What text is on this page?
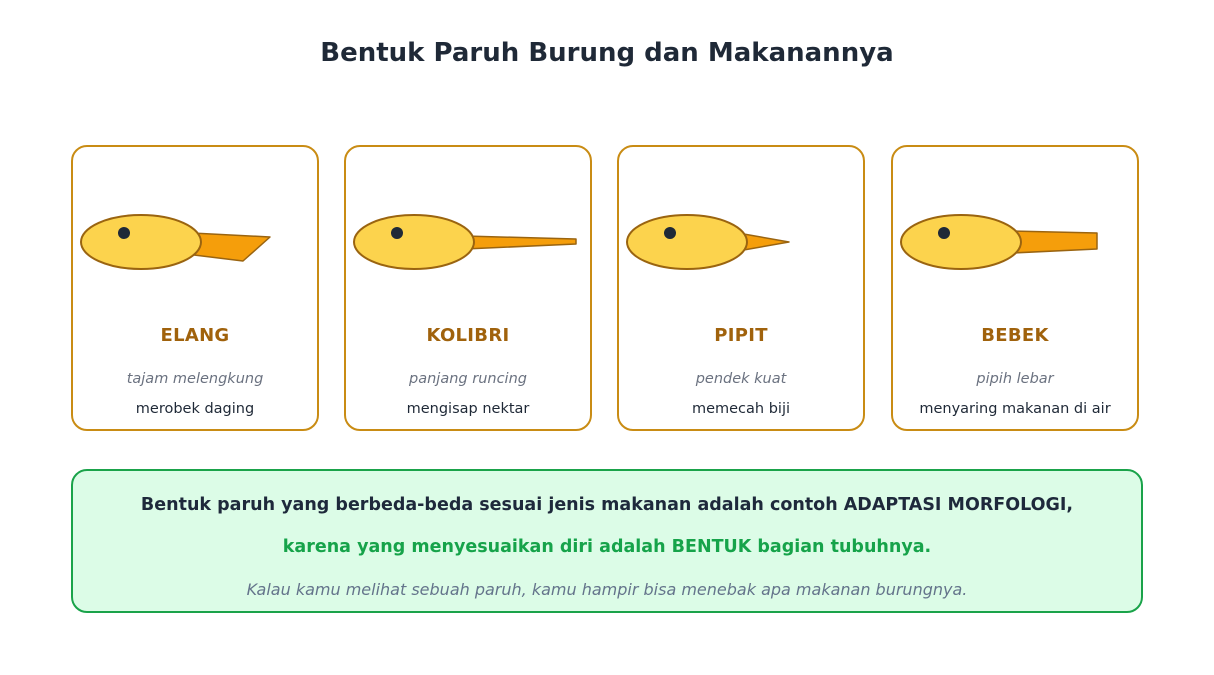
Bentuk Paruh Burung dan Makanannya
ELANG
tajam melengkung
merobek daging
KOLIBRI
panjang runcing
mengisap nektar
PIPIT
pendek kuat
memecah biji
BEBEK
pipih lebar
menyaring makanan di air
Bentuk paruh yang berbeda-beda sesuai jenis makanan adalah contoh ADAPTASI MORFOLOGI,
karena yang menyesuaikan diri adalah BENTUK bagian tubuhnya.
Kalau kamu melihat sebuah paruh, kamu hampir bisa menebak apa makanan burungnya.
